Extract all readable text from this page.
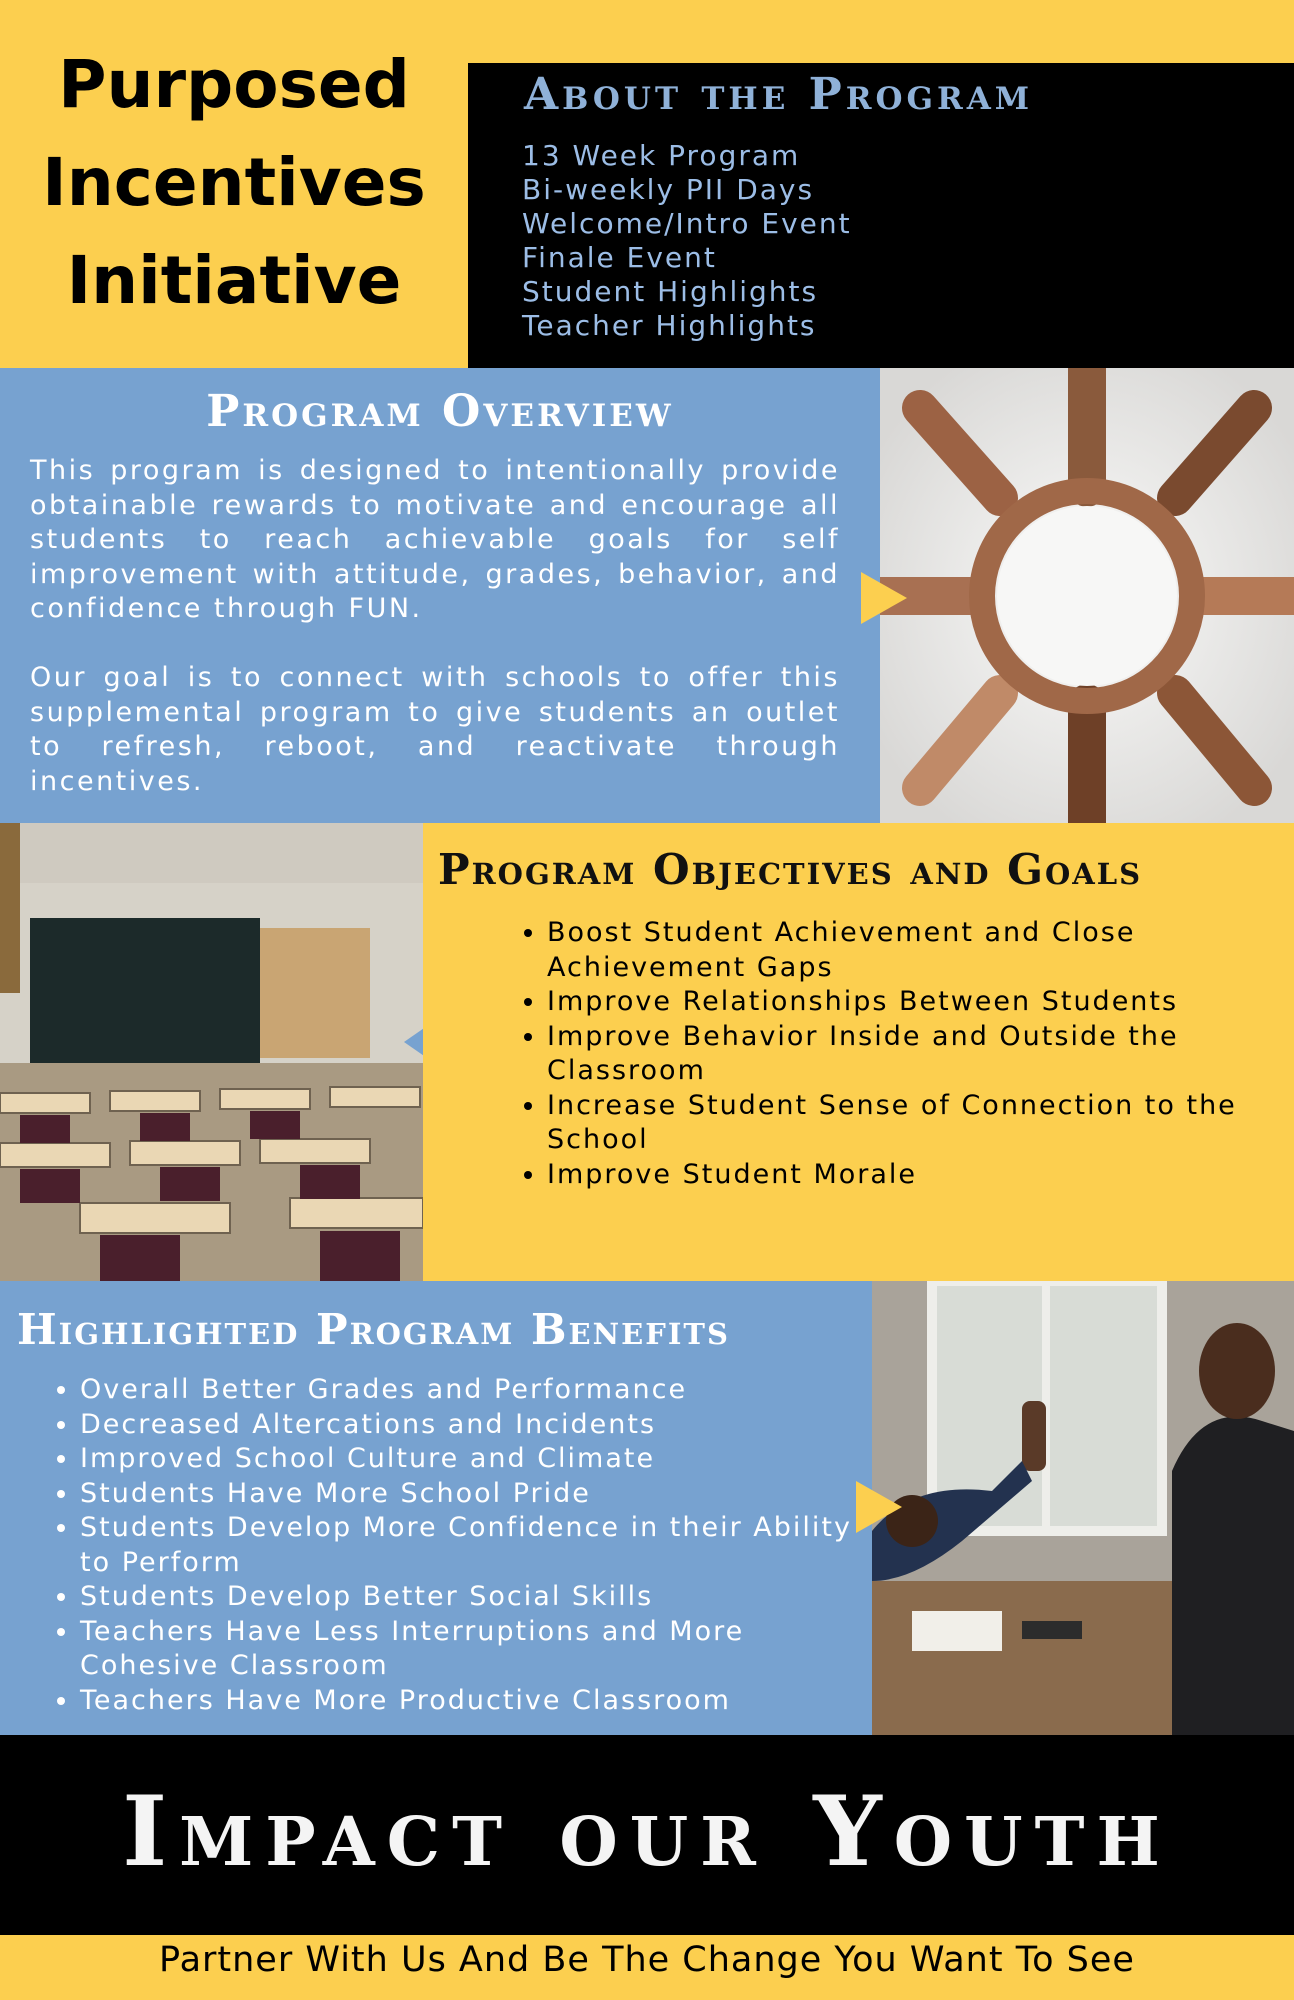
Purposed
Incentives
Initiative
About the Program
13 Week Program
Bi-weekly PII Days
Welcome/Intro Event
Finale Event
Student Highlights
Teacher Highlights
Program Overview

This program is designed to intentionally provide obtainable rewards to motivate and encourage all students to reach achievable goals for self improvement with attitude, grades, behavior, and confidence through FUN.

Our goal is to connect with schools to offer this supplemental program to give students an outlet to refresh, reboot, and reactivate through incentives.

Program Objectives and Goals
• Boost Student Achievement and Close Achievement Gaps
• Improve Relationships Between Students
• Improve Behavior Inside and Outside the Classroom
• Increase Student Sense of Connection to the School
• Improve Student Morale
Highlighted Program Benefits
• Overall Better Grades and Performance
• Decreased Altercations and Incidents
• Improved School Culture and Climate
• Students Have More School Pride
• Students Develop More Confidence in their Ability to Perform
• Students Develop Better Social Skills
• Teachers Have Less Interruptions and More Cohesive Classroom
• Teachers Have More Productive Classroom
Impact our Youth
Partner With Us And Be The Change You Want To See
